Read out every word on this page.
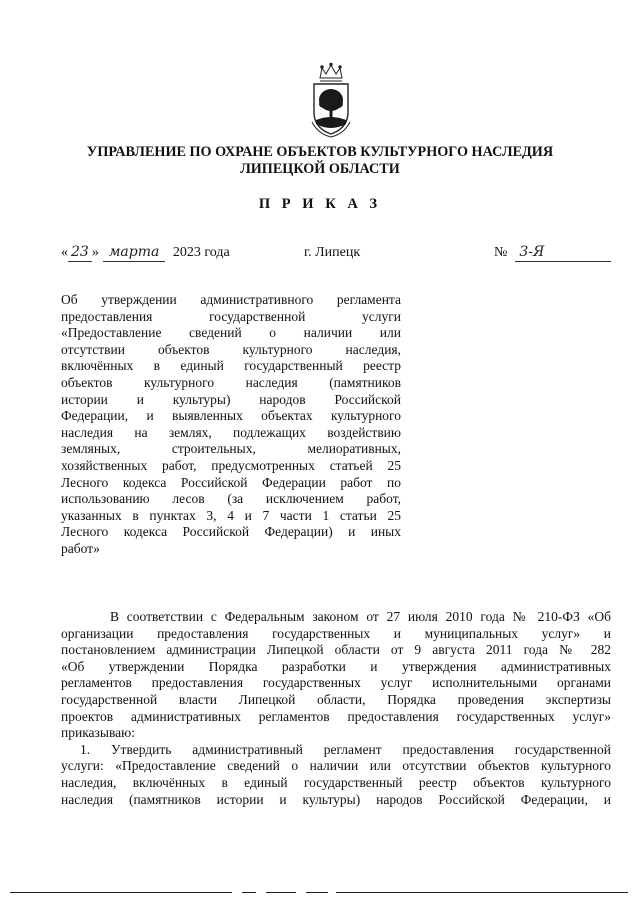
УПРАВЛЕНИЕ ПО ОХРАНЕ ОБЪЕКТОВ КУЛЬТУРНОГО НАСЛЕДИЯ
ЛИПЕЦКОЙ ОБЛАСТИ
П Р И К А З
« 23 » марта 2023 года	г. Липецк	№ 3-Я
Об утверждении административного регламента
предоставления государственной услуги
«Предоставление сведений о наличии или
отсутствии объектов культурного наследия,
включённых в единый государственный реестр
объектов культурного наследия (памятников
истории и культуры) народов Российской
Федерации, и выявленных объектах культурного
наследия на землях, подлежащих воздействию
земляных, строительных, мелиоративных,
хозяйственных работ, предусмотренных статьей 25
Лесного кодекса Российской Федерации работ по
использованию лесов (за исключением работ,
указанных в пунктах 3, 4 и 7 части 1 статьи 25
Лесного кодекса Российской Федерации) и иных
работ»
В соответствии с Федеральным законом от 27 июля 2010 года № 210-ФЗ «Об
организации предоставления государственных и муниципальных услуг» и
постановлением администрации Липецкой области от 9 августа 2011 года № 282
«Об утверждении Порядка разработки и утверждения административных
регламентов предоставления государственных услуг исполнительными органами
государственной власти Липецкой области, Порядка проведения экспертизы
проектов административных регламентов предоставления государственных услуг»
приказываю:
1. Утвердить административный регламент предоставления государственной
услуги: «Предоставление сведений о наличии или отсутствии объектов культурного
наследия, включённых в единый государственный реестр объектов культурного
наследия (памятников истории и культуры) народов Российской Федерации, и
